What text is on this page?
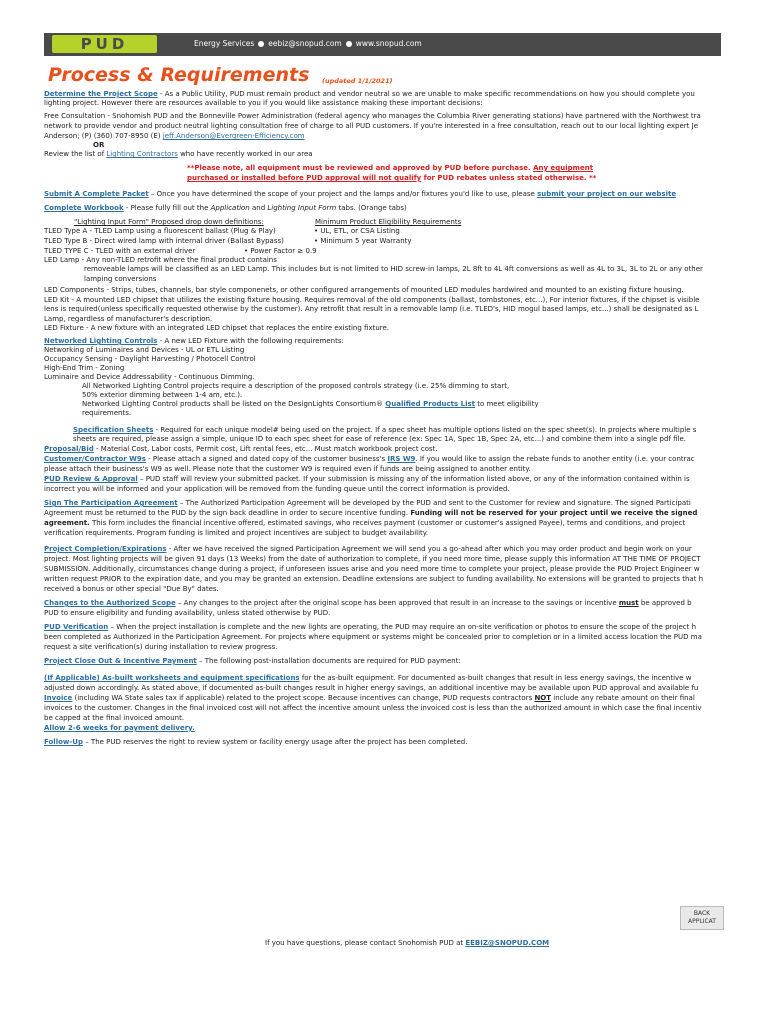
PUD	Energy Services eebiz@snopud.com www.snopud.com
Process & Requirements (updated 1/1/2021)
Determine the Project Scope - As a Public Utility, PUD must remain product and vendor neutral so we are unable to make specific recommendations on how you should complete you
lighting project. However there are resources available to you if you would like assistance making these important decisions:
Free Consultation - Snohomish PUD and the Bonneville Power Administration (federal agency who manages the Columbia River generating stations) have partnered with the Northwest tra
network to provide vendor and product neutral lighting consultation free of charge to all PUD customers. If you're interested in a free consultation, reach out to our local lighting expert Je
Anderson; (P) (360) 707-8950 (E) jeff.Anderson@Evergreen-Efficiency.com
OR
Review the list of Lighting Contractors who have recently worked in our area
**Please note, all equipment must be reviewed and approved by PUD before purchase. Any equipment
purchased or installed before PUD approval will not qualify for PUD rebates unless stated otherwise. **
Submit A Complete Packet – Once you have determined the scope of your project and the lamps and/or fixtures you'd like to use, please submit your project on our website
Complete Workbook - Please fully fill out the Application and Lighting Input Form tabs. (Orange tabs)
"Lighting Input Form" Proposed drop down definitions:	Minimum Product Eligibility Requirements
TLED Type A - TLED Lamp using a fluorescent ballast (Plug & Play)	• UL, ETL, or CSA Listing
TLED Type B - Direct wired lamp with internal driver (Ballast Bypass)	• Minimum 5 year Warranty
TLED TYPE C - TLED with an external driver	• Power Factor ≥ 0.9
LED Lamp - Any non-TLED retrofit where the final product contains
removeable lamps will be classified as an LED Lamp. This includes but is not limited to HID screw-in lamps, 2L 8ft to 4L 4ft conversions as well as 4L to 3L, 3L to 2L or any other
lamping conversions
LED Components - Strips, tubes, channels, bar style componenets, or other configured arrangements of mounted LED modules hardwired and mounted to an existing fixture housing.
LED Kit - A mounted LED chipset that utilizes the existing fixture housing. Requires removal of the old components (ballast, tombstones, etc...), For interior fixtures, if the chipset is visible
lens is required(unless specifically requested otherwise by the customer). Any retrofit that result in a removable lamp (i.e. TLED's, HID mogul based lamps, etc...) shall be designated as L
Lamp, regardless of manufacturer's description.
LED Fixture - A new fixture with an integrated LED chipset that replaces the entire existing fixture.
Networked Lighting Controls - A new LED Fixture with the following requirements:
Networking of Luminaires and Devices - UL or ETL Listing
Occupancy Sensing - Daylight Harvesting / Photocell Control
High-End Trim - Zoning
Luminaire and Device Addressability - Continuous Dimming.
All Networked Lighting Control projects require a description of the proposed controls strategy (i.e. 25% dimming to start,
50% exterior dimming between 1-4 am, etc.).
Networked Lighting Control products shall be listed on the DesignLights Consortium® Qualified Products List to meet eligibility
requirements.
Specification Sheets - Required for each unique model# being used on the project. If a spec sheet has multiple options listed on the spec sheet(s). In projects where multiple s
sheets are required, please assign a simple, unique ID to each spec sheet for ease of reference (ex: Spec 1A, Spec 1B, Spec 2A, etc...) and combine them into a single pdf file.
Proposal/Bid - Material Cost, Labor costs, Permit cost, Lift rental fees, etc... Must match workbook project cost.
Customer/Contractor W9s - Please attach a signed and dated copy of the customer business's IRS W9. If you would like to assign the rebate funds to another entity (i.e. your contrac
please attach their business's W9 as well. Please note that the customer W9 is required even if funds are being assigned to another entity.
PUD Review & Approval – PUD staff will review your submitted packet. If your submission is missing any of the information listed above, or any of the information contained within is
incorrect you will be informed and your application will be removed from the funding queue until the correct information is provided.
Sign The Participation Agreement – The Authorized Participation Agreement will be developed by the PUD and sent to the Customer for review and signature. The signed Participati
Agreement must be returned to the PUD by the sign back deadline in order to secure incentive funding. Funding will not be reserved for your project until we receive the signed
agreement. This form includes the financial incentive offered, estimated savings, who receives payment (customer or customer's assigned Payee), terms and conditions, and project
verification requirements. Program funding is limited and project incentives are subject to budget availability.
Project Completion/Expirations - After we have received the signed Participation Agreement we will send you a go-ahead after which you may order product and begin work on your
project. Most lighting projects will be given 91 days (13 Weeks) from the date of authorization to complete, if you need more time, please supply this information AT THE TIME OF PROJECT
SUBMISSION. Additionally, circumstances change during a project, if unforeseen issues arise and you need more time to complete your project, please provide the PUD Project Engineer w
written request PRIOR to the expiration date, and you may be granted an extension. Deadline extensions are subject to funding availability. No extensions will be granted to projects that h
received a bonus or other special "Due By" dates.
Changes to the Authorized Scope – Any changes to the project after the original scope has been approved that result in an increase to the savings or incentive must be approved b
PUD to ensure eligibility and funding availability, unless stated otherwise by PUD.
PUD Verification – When the project installation is complete and the new lights are operating, the PUD may require an on-site verification or photos to ensure the scope of the project h
been completed as Authorized in the Participation Agreement. For projects where equipment or systems might be concealed prior to completion or in a limited access location the PUD ma
request a site verification(s) during installation to review progress.
Project Close Out & Incentive Payment – The following post-installation documents are required for PUD payment:
(If Applicable) As-built worksheets and equipment specifications for the as-built equipment. For documented as-built changes that result in less energy savings, the incentive w
adjusted down accordingly. As stated above, if documented as-built changes result in higher energy savings, an additional incentive may be available upon PUD approval and available fu
Invoice (including WA State sales tax if applicable) related to the project scope. Because incentives can change, PUD requests contractors NOT include any rebate amount on their final
invoices to the customer. Changes in the final invoiced cost will not affect the incentive amount unless the invoiced cost is less than the authorized amount in which case the final incentiv
be capped at the final invoiced amount.
Allow 2-6 weeks for payment delivery.
Follow-Up – The PUD reserves the right to review system or facility energy usage after the project has been completed.
BACK
APPLICAT
If you have questions, please contact Snohomish PUD at EEBIZ@SNOPUD.COM
